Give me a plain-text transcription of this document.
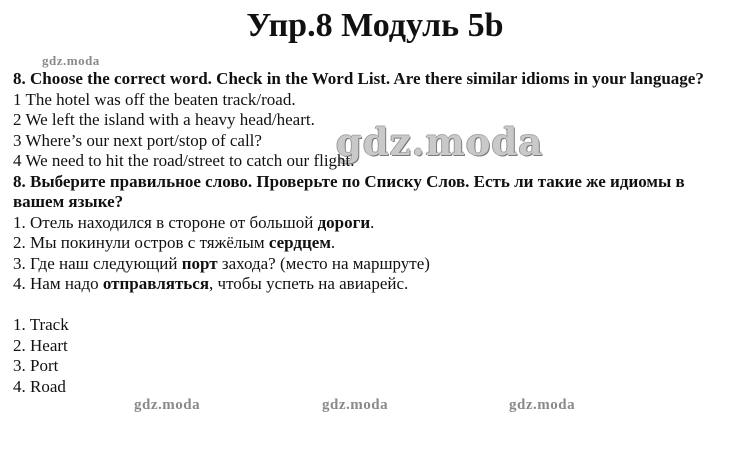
Упр.8 Модуль 5b
gdz.moda
gdz.moda
gdz.moda	gdz.moda	gdz.moda
8. Choose the correct word. Check in the Word List. Are there similar idioms in your language?
1 The hotel was off the beaten track/road.
2 We left the island with a heavy head/heart.
3 Where’s our next port/stop of call?
4 We need to hit the road/street to catch our flight.
8. Выберите правильное слово. Проверьте по Списку Слов. Есть ли такие же идиомы в вашем языке?
1. Отель находился в стороне от большой дороги.
2. Мы покинули остров с тяжёлым сердцем.
3. Где наш следующий порт захода? (место на маршруте)
4. Нам надо отправляться, чтобы успеть на авиарейс.
1. Track
2. Heart
3. Port
4. Road
